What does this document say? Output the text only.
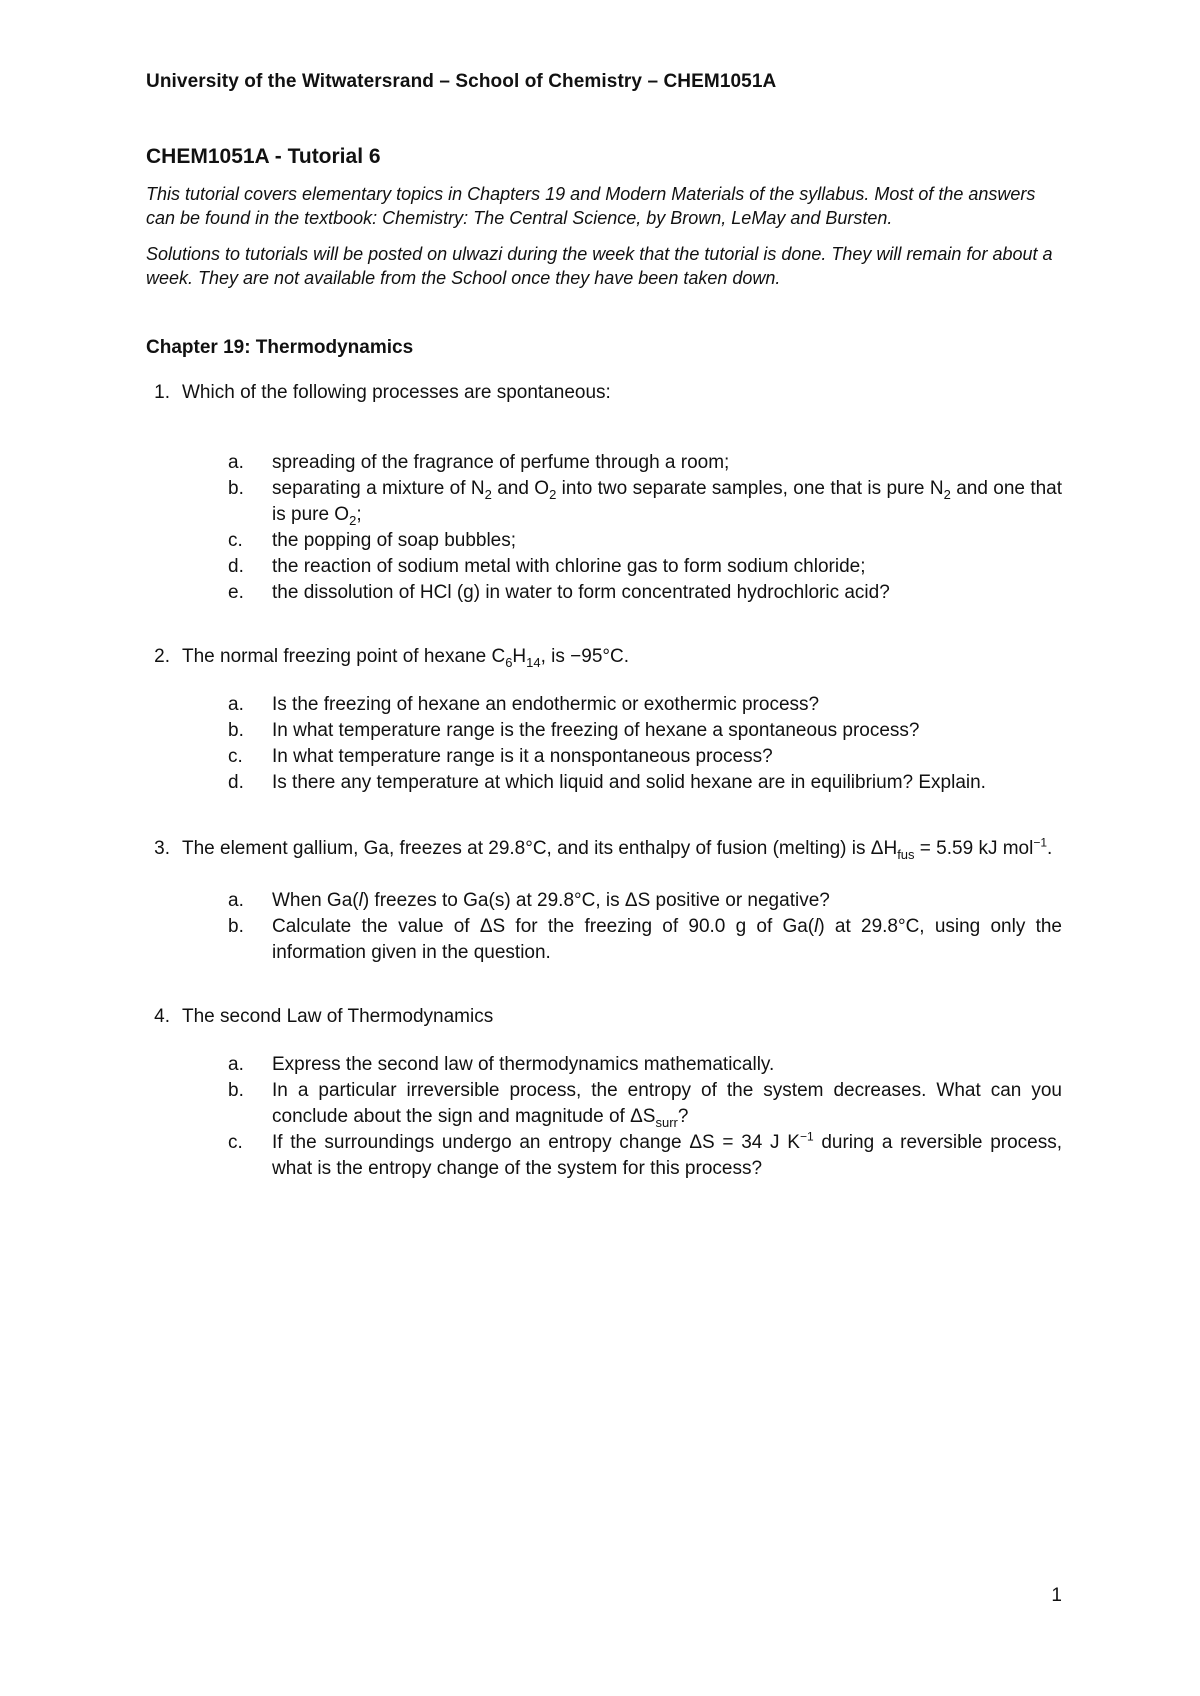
University of the Witwatersrand – School of Chemistry – CHEM1051A

CHEM1051A - Tutorial 6

This tutorial covers elementary topics in Chapters 19 and Modern Materials of the syllabus. Most of the answers can be found in the textbook: Chemistry: The Central Science, by Brown, LeMay and Bursten.

Solutions to tutorials will be posted on ulwazi during the week that the tutorial is done. They will remain for about a week. They are not available from the School once they have been taken down.

Chapter 19: Thermodynamics

1. Which of the following processes are spontaneous:
a.	spreading of the fragrance of perfume through a room;
b.	separating a mixture of $N_2$ and $O_2$ into two separate samples, one that is pure $N_2$ and one that is pure $O_2$;
c.	the popping of soap bubbles;
d.	the reaction of sodium metal with chlorine gas to form sodium chloride;
e.	the dissolution of HCl (g) in water to form concentrated hydrochloric acid?
2. The normal freezing point of hexane $C_6H_{14}$, is −95°C.
a.	Is the freezing of hexane an endothermic or exothermic process?
b.	In what temperature range is the freezing of hexane a spontaneous process?
c.	In what temperature range is it a nonspontaneous process?
d.	Is there any temperature at which liquid and solid hexane are in equilibrium? Explain.
3. The element gallium, Ga, freezes at 29.8°C, and its enthalpy of fusion (melting) is $\Delta H_{fus} = 5.59$ kJ mol$^{-1}$.
a.	When Ga(l) freezes to Ga(s) at 29.8°C, is ΔS positive or negative?
b.	Calculate the value of ΔS for the freezing of 90.0 g of Ga(l) at 29.8°C, using only the information given in the question.
4. The second Law of Thermodynamics
a.	Express the second law of thermodynamics mathematically.
b.	In a particular irreversible process, the entropy of the system decreases. What can you conclude about the sign and magnitude of $\Delta S_{surr}$?
c.	If the surroundings undergo an entropy change ΔS = 34 J $K^{-1}$ during a reversible process, what is the entropy change of the system for this process?
1
